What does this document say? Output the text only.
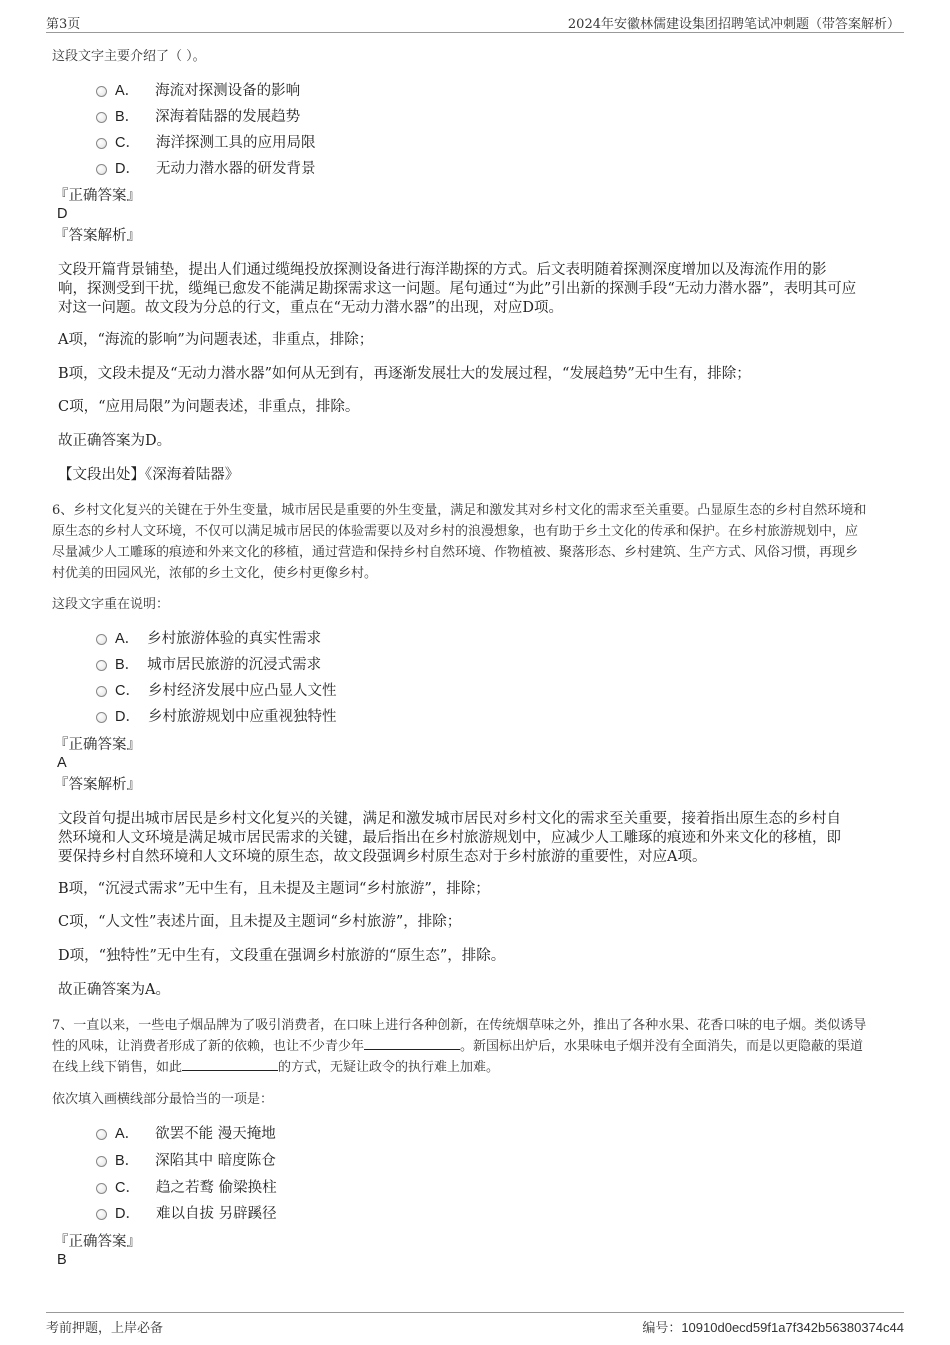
第3页	2024年安徽林儒建设集团招聘笔试冲刺题（带答案解析）
这段文字主要介绍了（ ）。
A． 海流对探测设备的影响
B． 深海着陆器的发展趋势
C． 海洋探测工具的应用局限
D． 无动力潜水器的研发背景
『正确答案』
D
『答案解析』
文段开篇背景铺垫，提出人们通过缆绳投放探测设备进行海洋勘探的方式。后文表明随着探测深度增加以及海流作用的影
响，探测受到干扰，缆绳已愈发不能满足勘探需求这一问题。尾句通过“为此”引出新的探测手段“无动力潜水器”，表明其可应
对这一问题。故文段为分总的行文，重点在“无动力潜水器”的出现，对应D项。
A项，“海流的影响”为问题表述，非重点，排除；
B项，文段未提及“无动力潜水器”如何从无到有，再逐渐发展壮大的发展过程，“发展趋势”无中生有，排除；
C项，“应用局限”为问题表述，非重点，排除。
故正确答案为D。
【文段出处】《深海着陆器》
6、乡村文化复兴的关键在于外生变量，城市居民是重要的外生变量，满足和激发其对乡村文化的需求至关重要。凸显原生态的乡村自然环境和
原生态的乡村人文环境，不仅可以满足城市居民的体验需要以及对乡村的浪漫想象，也有助于乡土文化的传承和保护。在乡村旅游规划中，应
尽量减少人工雕琢的痕迹和外来文化的移植，通过营造和保持乡村自然环境、作物植被、聚落形态、乡村建筑、生产方式、风俗习惯，再现乡
村优美的田园风光，浓郁的乡土文化，使乡村更像乡村。
这段文字重在说明：
A． 乡村旅游体验的真实性需求
B． 城市居民旅游的沉浸式需求
C． 乡村经济发展中应凸显人文性
D． 乡村旅游规划中应重视独特性
『正确答案』
A
『答案解析』
文段首句提出城市居民是乡村文化复兴的关键，满足和激发城市居民对乡村文化的需求至关重要，接着指出原生态的乡村自
然环境和人文环境是满足城市居民需求的关键，最后指出在乡村旅游规划中，应减少人工雕琢的痕迹和外来文化的移植，即
要保持乡村自然环境和人文环境的原生态，故文段强调乡村原生态对于乡村旅游的重要性，对应A项。
B项，“沉浸式需求”无中生有，且未提及主题词“乡村旅游”，排除；
C项，“人文性”表述片面，且未提及主题词“乡村旅游”，排除；
D项，“独特性”无中生有，文段重在强调乡村旅游的“原生态”，排除。
故正确答案为A。
7、一直以来，一些电子烟品牌为了吸引消费者，在口味上进行各种创新，在传统烟草味之外，推出了各种水果、花香口味的电子烟。类似诱导
性的风味，让消费者形成了新的依赖，也让不少青少年	。新国标出炉后，水果味电子烟并没有全面消失，而是以更隐蔽的渠道
在线上线下销售，如此	的方式，无疑让政令的执行难上加难。
依次填入画横线部分最恰当的一项是：
A． 欲罢不能 漫天掩地
B． 深陷其中 暗度陈仓
C． 趋之若鹜 偷梁换柱
D． 难以自拔 另辟蹊径
『正确答案』
B
考前押题，上岸必备	编号：10910d0ecd59f1a7f342b56380374c44
